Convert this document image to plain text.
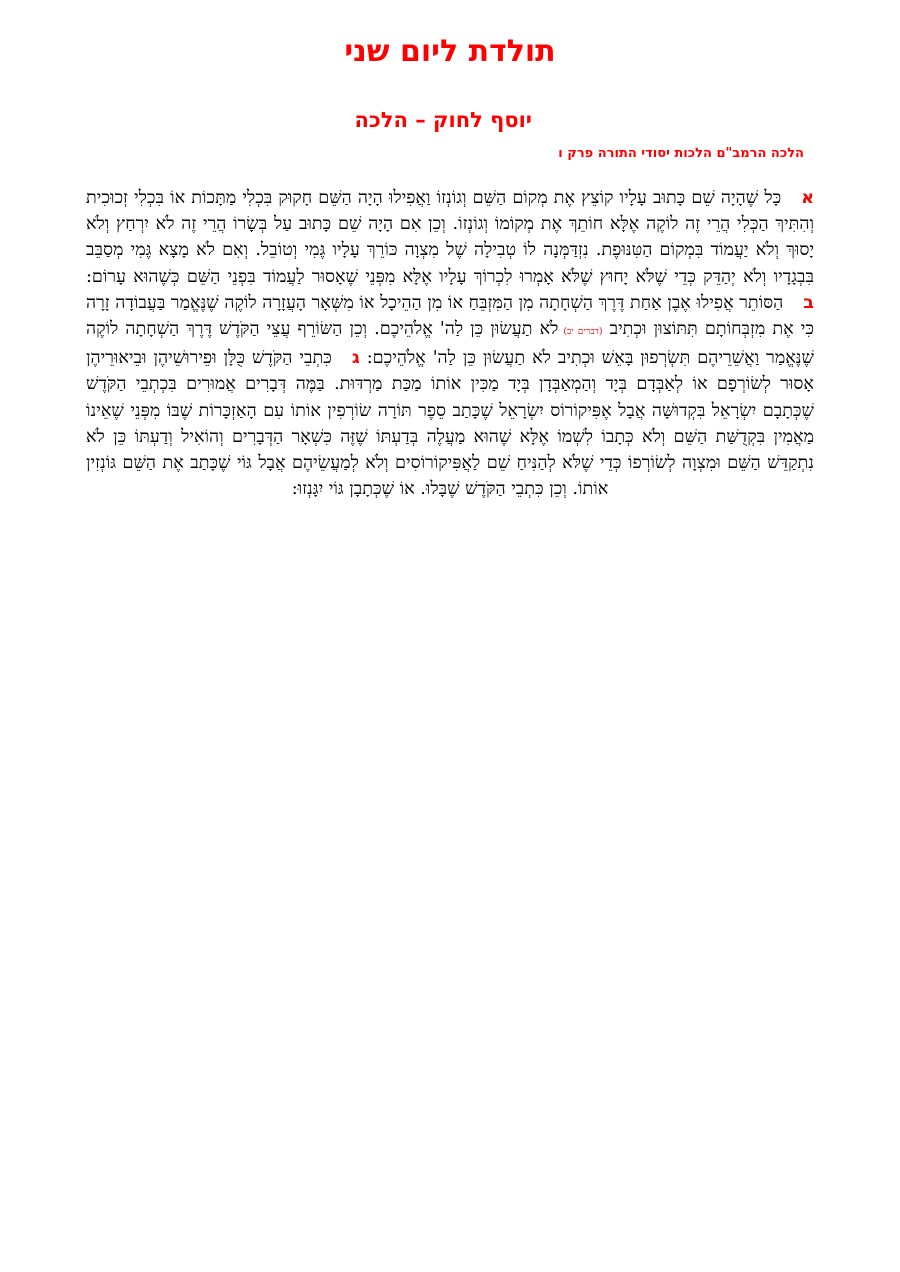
תולדת ליום שני
יוסף לחוק – הלכה
הלכה הרמב"ם הלכות יסודי התורה פרק ו
אכָּל שֶׁהָיָה שֵׁם כָּתוּב עָלָיו קוֹצֵץ אֶת מְקוֹם הַשֵּׁם וְגוֹנְזוֹ וַאֲפִילוּ הָיָה הַשֵּׁם חָקוּק בִּכְלִי מַתָּכוֹת אוֹ בִּכְלִי זְכוּכִית וְהִתִּיךְ הַכְּלִי הֲרֵי זֶה לוֹקֶה אֶלָּא חוֹתֵךְ אֶת מְקוֹמוֹ וְגוֹנְזוֹ. וְכֵן אִם הָיָה שֵׁם כָּתוּב עַל בְּשָׂרוֹ הֲרֵי זֶה לֹא יִרְחַץ וְלֹא יָסוּךְ וְלֹא יַעֲמוֹד בִּמְקוֹם הַטִּנּוּפֶת. נִזְדַּמְּנָה לוֹ טְבִילָה שֶׁל מִצְוָה כּוֹרֵךְ עָלָיו גֶּמִי וְטוֹבֵל. וְאִם לֹא מָצָא גֶּמִי מְסַבֵּב בִּבְגָדָיו וְלֹא יְהַדֵּק כְּדֵי שֶׁלֹּא יָחוּץ שֶׁלֹּא אָמְרוּ לִכְרוֹךְ עָלָיו אֶלָּא מִפְּנֵי שֶׁאָסוּר לַעֲמוֹד בִּפְנֵי הַשֵּׁם כְּשֶׁהוּא עָרוֹם: בהַסּוֹתֵר אֲפִילוּ אֶבֶן אַחַת דֶּרֶךְ הַשְׁחָתָה מִן הַמִּזְבֵּחַ אוֹ מִן הַהֵיכָל אוֹ מִשְּׁאָר הָעֲזָרָה לוֹקֶה שֶׁנֶּאֱמַר בַּעֲבוֹדָה זָרָה כִּי אֶת מִזְבְּחוֹתָם תִּתּוֹצוּן וּכְתִיב (דברים יב)לֹא תַעֲשׂוּן כֵּן לַה' אֱלֹהֵיכֶם. וְכֵן הַשּׂוֹרֵף עֲצֵי הַקֹּדֶשׁ דֶּרֶךְ הַשְׁחָתָה לוֹקֶה שֶׁנֶּאֱמַר וַאֲשֵׁרֵיהֶם תִּשְׂרְפוּן בָּאֵשׁ וּכְתִיב לֹא תַעֲשׂוּן כֵּן לַה' אֱלֹהֵיכֶם: גכִּתְבֵי הַקֹּדֶשׁ כֻּלָּן וּפֵירוּשֵׁיהֶן וּבֵיאוּרֵיהֶן אָסוּר לְשׂוֹרְפָם אוֹ לְאַבְּדָם בְּיָד וְהַמְאַבְּדָן בְּיָד מַכִּין אוֹתוֹ מַכַּת מַרְדּוּת. בַּמֶּה דְּבָרִים אֲמוּרִים בִּכְתְבֵי הַקֹּדֶשׁ שֶׁכְּתָבָם יִשְׂרָאֵל בִּקְדוּשָּׁה אֲבָל אֶפִּיקוֹרוֹס יִשְׂרָאֵל שֶׁכָּתַב סֵפֶר תּוֹרָה שׂוֹרְפִין אוֹתוֹ עִם הָאַזְכָּרוֹת שֶׁבּוֹ מִפְּנֵי שֶׁאֵינוֹ מַאֲמִין בִּקְדֻשַּׁת הַשֵּׁם וְלֹא כְּתָבוֹ לִשְׁמוֹ אֶלָּא שֶׁהוּא מַעֲלֶה בְּדַעְתּוֹ שֶׁזֶּה כִּשְׁאָר הַדְּבָרִים וְהוֹאִיל וְדַעְתּוֹ כֵּן לֹא נִתְקַדֵּשׁ הַשֵּׁם וּמִצְוָה לְשׂוֹרְפוֹ כְּדֵי שֶׁלֹּא לְהַנִּיחַ שֵׁם לַאֲפִּיקוֹרוֹסִים וְלֹא לְמַעֲשֵׂיהֶם אֲבָל גּוֹי שֶׁכָּתַב אֶת הַשֵּׁם גּוֹנְזִין אוֹתוֹ. וְכֵן כִּתְבֵי הַקֹּדֶשׁ שֶׁבָּלוּ. אוֹ שֶׁכְּתָבָן גּוֹי יִגָּנְזוּ:
